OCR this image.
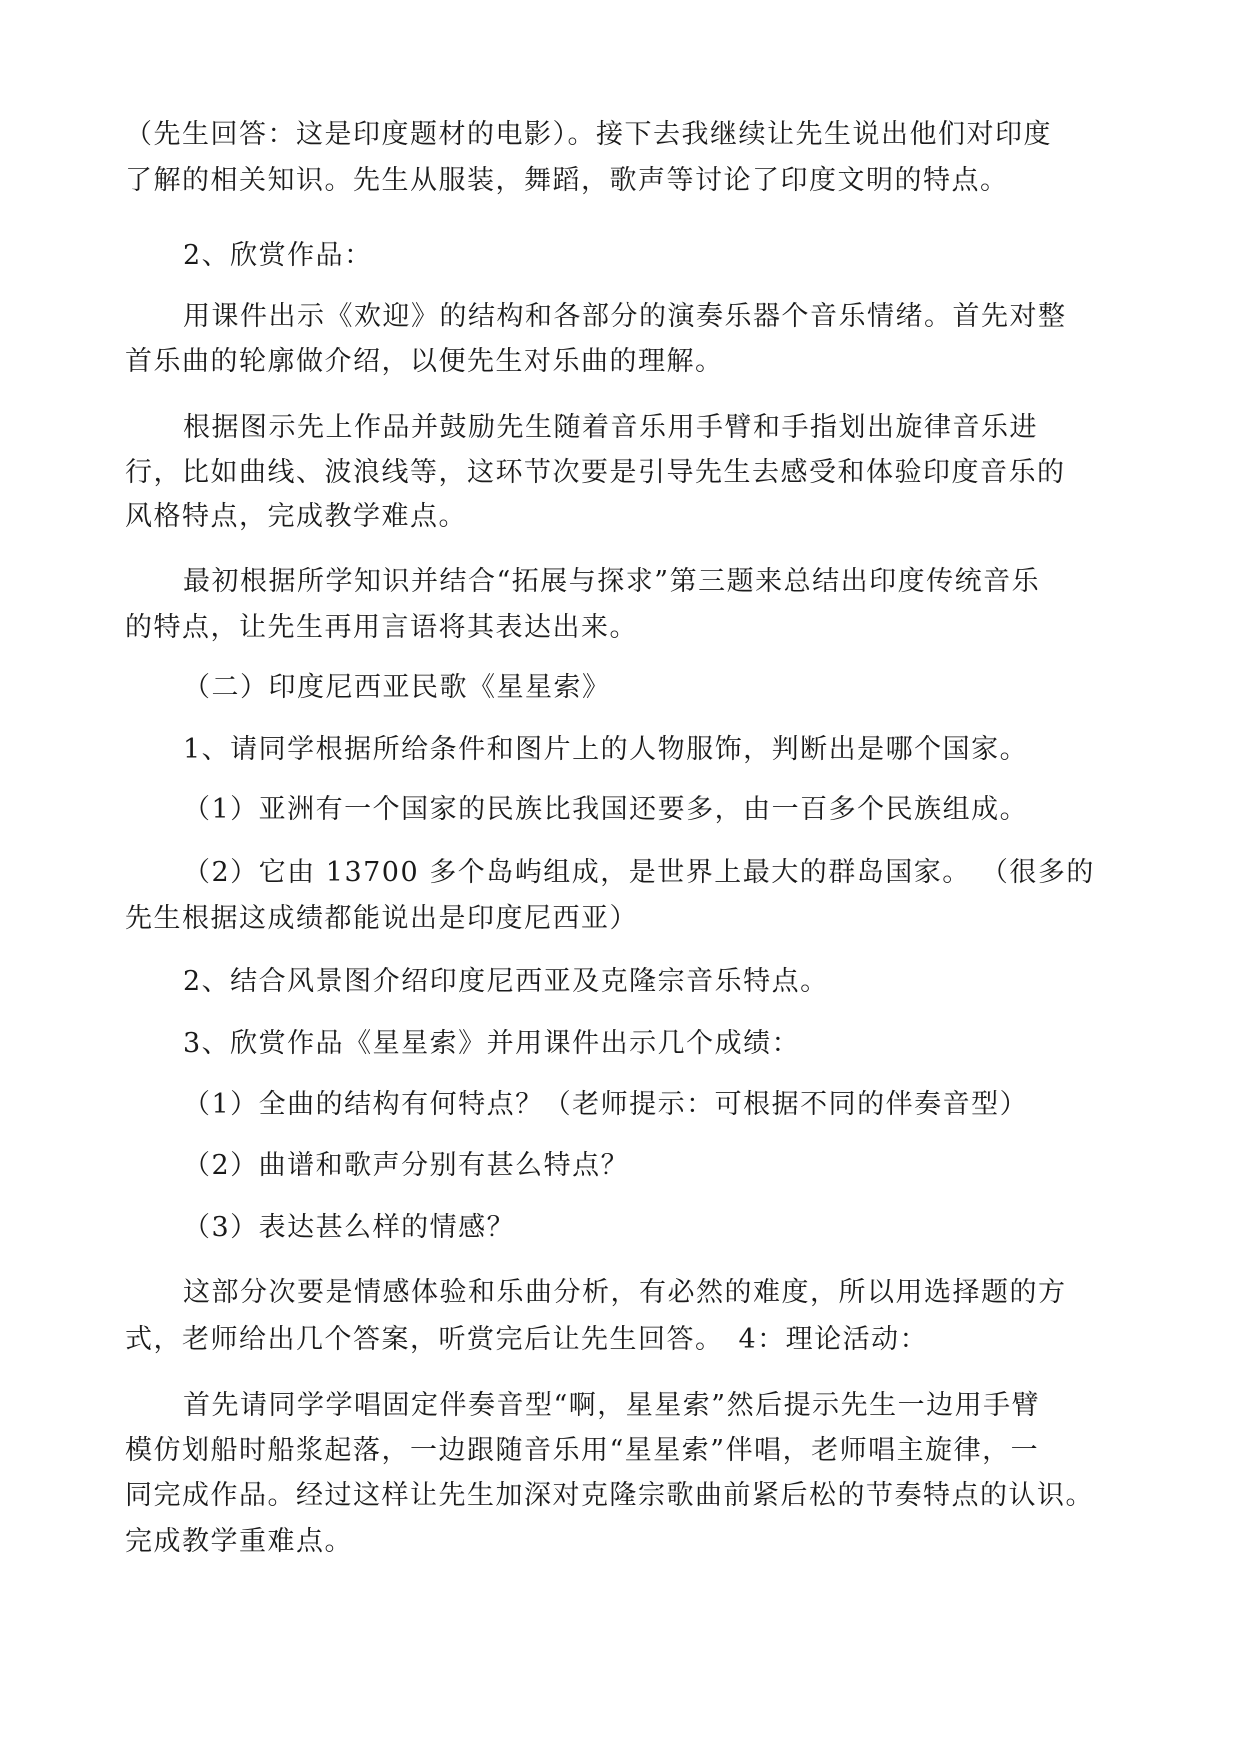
（先生回答：这是印度题材的电影）。接下去我继续让先生说出他们对印度
了解的相关知识。先生从服装，舞蹈，歌声等讨论了印度文明的特点。
2、欣赏作品：
用课件出示《欢迎》的结构和各部分的演奏乐器个音乐情绪。首先对整
首乐曲的轮廓做介绍，以便先生对乐曲的理解。
根据图示先上作品并鼓励先生随着音乐用手臂和手指划出旋律音乐进
行，比如曲线、波浪线等，这环节次要是引导先生去感受和体验印度音乐的
风格特点，完成教学难点。
最初根据所学知识并结合“拓展与探求”第三题来总结出印度传统音乐
的特点，让先生再用言语将其表达出来。
（二）印度尼西亚民歌《星星索》
1、请同学根据所给条件和图片上的人物服饰，判断出是哪个国家。
（1）亚洲有一个国家的民族比我国还要多，由一百多个民族组成。
（2）它由 13700 多个岛屿组成，是世界上最大的群岛国家。 （很多的
先生根据这成绩都能说出是印度尼西亚）
2、结合风景图介绍印度尼西亚及克隆宗音乐特点。
3、欣赏作品《星星索》并用课件出示几个成绩：
（1）全曲的结构有何特点？（老师提示：可根据不同的伴奏音型）
（2）曲谱和歌声分别有甚么特点？
（3）表达甚么样的情感？
这部分次要是情感体验和乐曲分析，有必然的难度，所以用选择题的方
式，老师给出几个答案，听赏完后让先生回答。　4：理论活动：
首先请同学学唱固定伴奏音型“啊，星星索”然后提示先生一边用手臂
模仿划船时船浆起落，一边跟随音乐用“星星索”伴唱，老师唱主旋律，一
同完成作品。经过这样让先生加深对克隆宗歌曲前紧后松的节奏特点的认识。
完成教学重难点。
